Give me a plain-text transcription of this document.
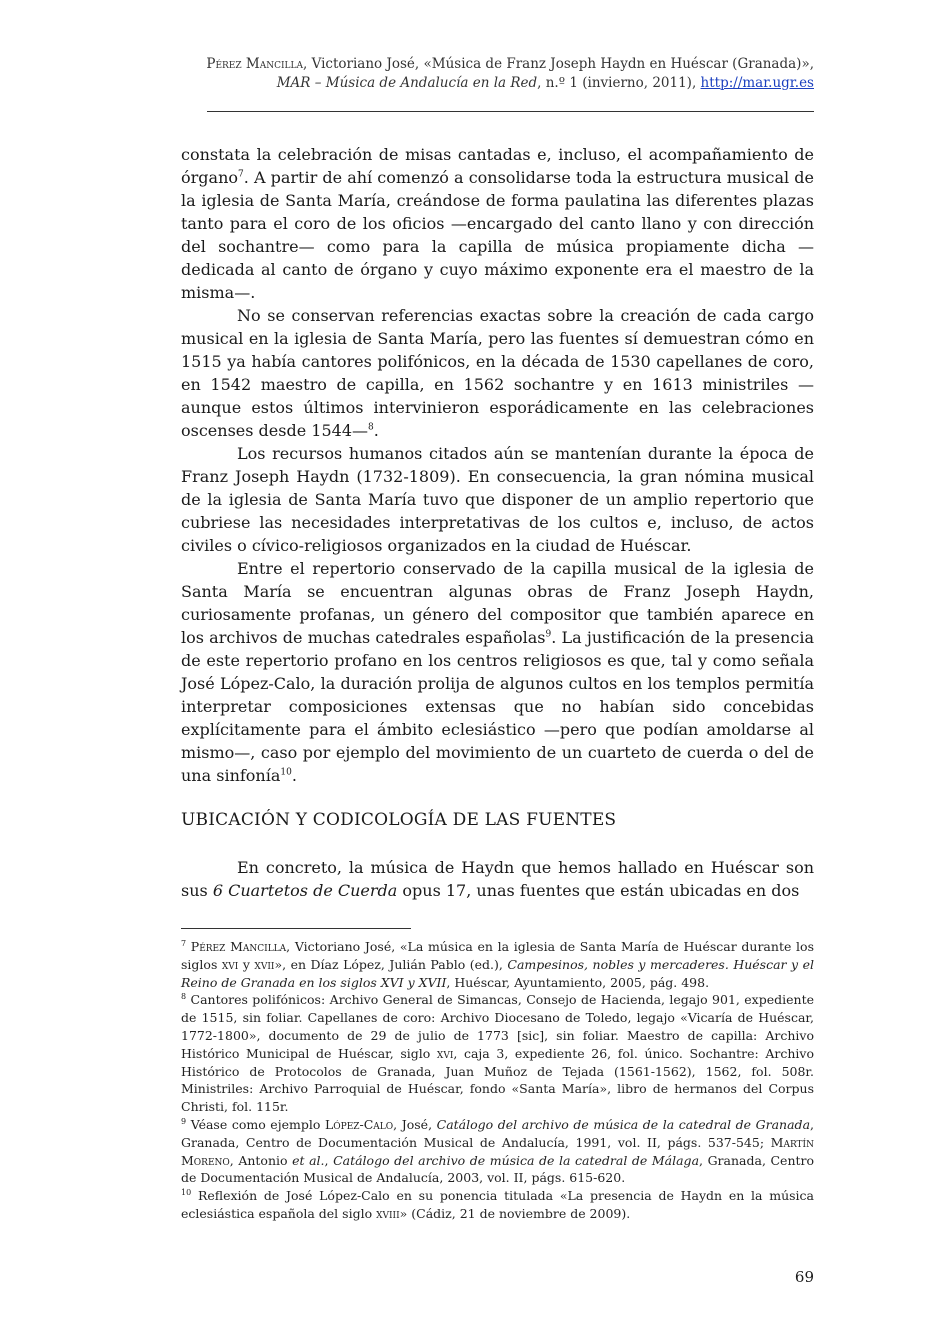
Pérez Mancilla, Victoriano José, «Música de Franz Joseph Haydn en Huéscar (Granada)»,
MAR – Música de Andalucía en la Red, n.º 1 (invierno, 2011), http://mar.ugr.es

constata la celebración de misas cantadas e, incluso, el acompañamiento de órgano$^7$. A partir de ahí comenzó a consolidarse toda la estructura musical de la iglesia de Santa María, creándose de forma paulatina las diferentes plazas tanto para el coro de los oficios —encargado del canto llano y con dirección del sochantre— como para la capilla de música propiamente dicha —dedicada al canto de órgano y cuyo máximo exponente era el maestro de la misma—.

No se conservan referencias exactas sobre la creación de cada cargo musical en la iglesia de Santa María, pero las fuentes sí demuestran cómo en 1515 ya había cantores polifónicos, en la década de 1530 capellanes de coro, en 1542 maestro de capilla, en 1562 sochantre y en 1613 ministriles —aunque estos últimos intervinieron esporádicamente en las celebraciones oscenses desde 1544—$^8$.

Los recursos humanos citados aún se mantenían durante la época de Franz Joseph Haydn (1732-1809). En consecuencia, la gran nómina musical de la iglesia de Santa María tuvo que disponer de un amplio repertorio que cubriese las necesidades interpretativas de los cultos e, incluso, de actos civiles o cívico-religiosos organizados en la ciudad de Huéscar.

Entre el repertorio conservado de la capilla musical de la iglesia de Santa María se encuentran algunas obras de Franz Joseph Haydn, curiosamente profanas, un género del compositor que también aparece en los archivos de muchas catedrales españolas$^9$. La justificación de la presencia de este repertorio profano en los centros religiosos es que, tal y como señala José López-Calo, la duración prolija de algunos cultos en los templos permitía interpretar composiciones extensas que no habían sido concebidas explícitamente para el ámbito eclesiástico —pero que podían amoldarse al mismo—, caso por ejemplo del movimiento de un cuarteto de cuerda o del de una sinfonía$^{10}$.

UBICACIÓN Y CODICOLOGÍA DE LAS FUENTES

En concreto, la música de Haydn que hemos hallado en Huéscar son sus 6 Cuartetos de Cuerda opus 17, unas fuentes que están ubicadas en dos

$^7$ Pérez Mancilla, Victoriano José, «La música en la iglesia de Santa María de Huéscar durante los siglos xvi y xvii», en Díaz López, Julián Pablo (ed.), Campesinos, nobles y mercaderes. Huéscar y el Reino de Granada en los siglos XVI y XVII, Huéscar, Ayuntamiento, 2005, pág. 498.

$^8$ Cantores polifónicos: Archivo General de Simancas, Consejo de Hacienda, legajo 901, expediente de 1515, sin foliar. Capellanes de coro: Archivo Diocesano de Toledo, legajo «Vicaría de Huéscar, 1772-1800», documento de 29 de julio de 1773 [sic], sin foliar. Maestro de capilla: Archivo Histórico Municipal de Huéscar, siglo xvi, caja 3, expediente 26, fol. único. Sochantre: Archivo Histórico de Protocolos de Granada, Juan Muñoz de Tejada (1561-1562), 1562, fol. 508r. Ministriles: Archivo Parroquial de Huéscar, fondo «Santa María», libro de hermanos del Corpus Christi, fol. 115r.

$^9$ Véase como ejemplo López-Calo, José, Catálogo del archivo de música de la catedral de Granada, Granada, Centro de Documentación Musical de Andalucía, 1991, vol. II, págs. 537-545; Martín Moreno, Antonio et al., Catálogo del archivo de música de la catedral de Málaga, Granada, Centro de Documentación Musical de Andalucía, 2003, vol. II, págs. 615-620.

$^{10}$ Reflexión de José López-Calo en su ponencia titulada «La presencia de Haydn en la música eclesiástica española del siglo xviii» (Cádiz, 21 de noviembre de 2009).

69
